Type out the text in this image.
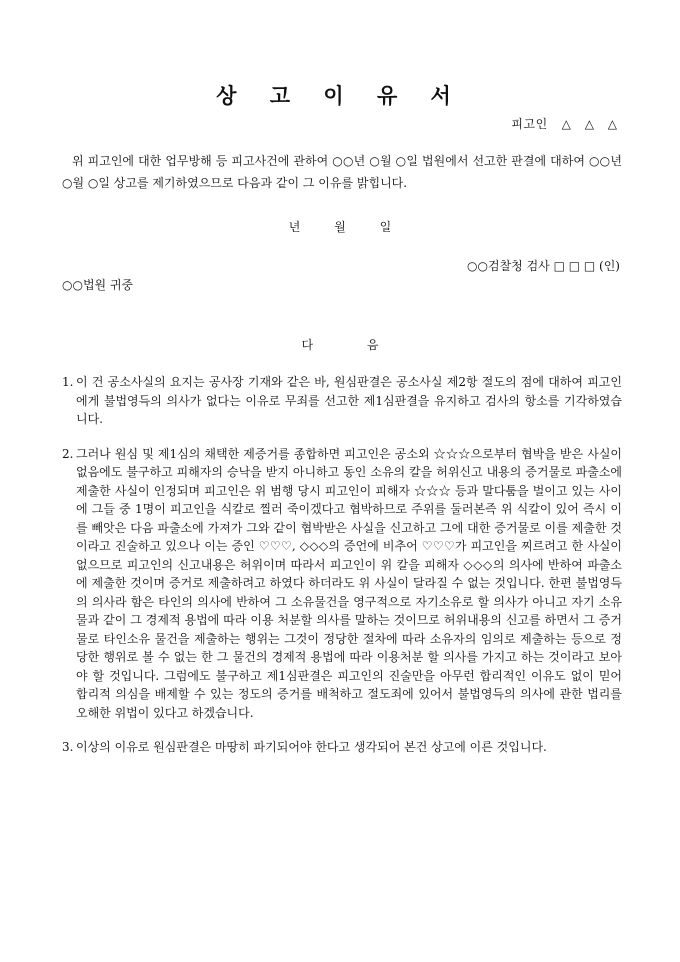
상 고 이 유 서
피고인 △ △ △

위 피고인에 대한 업무방해 등 피고사건에 관하여 ○○년 ○월 ○일 법원에서 선고한 판결에 대하여 ○○년 ○월 ○일 상고를 제기하였으므로 다음과 같이 그 이유를 밝힙니다.

년 월 일
○○검찰청 검사 □ □ □ (인)
○○법원 귀중
다 음
1. 이 건 공소사실의 요지는 공사장 기재와 같은 바, 원심판결은 공소사실 제2항 절도의 점에 대하여 피고인에게 불법영득의 의사가 없다는 이유로 무죄를 선고한 제1심판결을 유지하고 검사의 항소를 기각하였습니다.
2. 그러나 원심 및 제1심의 채택한 제증거를 종합하면 피고인은 공소외 ☆☆☆으로부터 협박을 받은 사실이 없음에도 불구하고 피해자의 승낙을 받지 아니하고 동인 소유의 칼을 허위신고 내용의 증거물로 파출소에 제출한 사실이 인정되며 피고인은 위 범행 당시 피고인이 피해자 ☆☆☆ 등과 말다툼을 벌이고 있는 사이에 그들 중 1명이 피고인을 식칼로 찔러 죽이겠다고 협박하므로 주위를 둘러본즉 위 식칼이 있어 즉시 이를 빼앗은 다음 파출소에 가져가 그와 같이 협박받은 사실을 신고하고 그에 대한 증거물로 이를 제출한 것이라고 진술하고 있으나 이는 증인 ♡♡♡, ◇◇◇의 증언에 비추어 ♡♡♡가 피고인을 찌르려고 한 사실이 없으므로 피고인의 신고내용은 허위이며 따라서 피고인이 위 칼을 피해자 ◇◇◇의 의사에 반하여 파출소에 제출한 것이며 증거로 제출하려고 하였다 하더라도 위 사실이 달라질 수 없는 것입니다. 한편 불법영득의 의사라 함은 타인의 의사에 반하여 그 소유물건을 영구적으로 자기소유로 할 의사가 아니고 자기 소유물과 같이 그 경제적 용법에 따라 이용 처분할 의사를 말하는 것이므로 허위내용의 신고를 하면서 그 증거물로 타인소유 물건을 제출하는 행위는 그것이 정당한 절차에 따라 소유자의 임의로 제출하는 등으로 정당한 행위로 볼 수 없는 한 그 물건의 경제적 용법에 따라 이용처분 할 의사를 가지고 하는 것이라고 보아야 할 것입니다. 그럼에도 불구하고 제1심판결은 피고인의 진술만을 아무런 합리적인 이유도 없이 믿어 합리적 의심을 배제할 수 있는 정도의 증거를 배척하고 절도죄에 있어서 불법영득의 의사에 관한 법리를 오해한 위법이 있다고 하겠습니다.
3. 이상의 이유로 원심판결은 마땅히 파기되어야 한다고 생각되어 본건 상고에 이른 것입니다.
